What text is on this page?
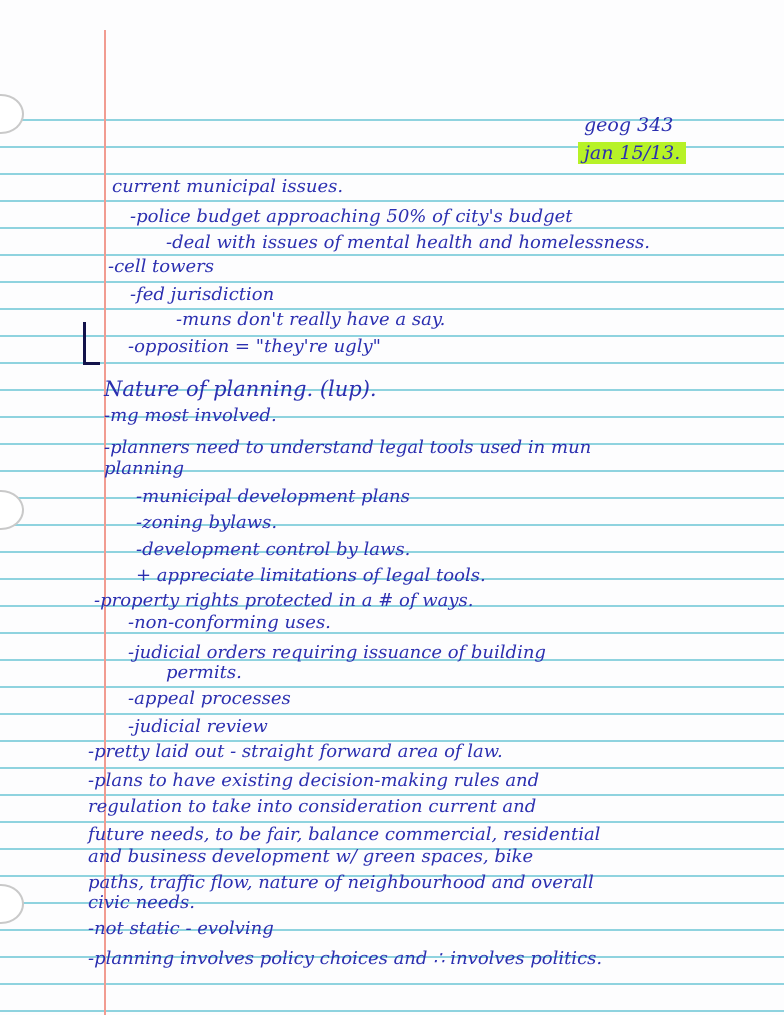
geog 343
jan 15/13.
current municipal issues.
-police budget approaching 50% of city's budget
-deal with issues of mental health and homelessness.
-cell towers
-fed jurisdiction
-muns don't really have a say.
-opposition = "they're ugly"
Nature of planning. (lup).
-mg most involved.
-planners need to understand legal tools used in mun
planning
-municipal development plans
-zoning bylaws.
-development control by laws.
+ appreciate limitations of legal tools.
-property rights protected in a # of ways.
-non-conforming uses.
-judicial orders requiring issuance of building
permits.
-appeal processes
-judicial review
-pretty laid out - straight forward area of law.
-plans to have existing decision-making rules and
regulation to take into consideration current and
future needs, to be fair, balance commercial, residential
and business development w/ green spaces, bike
paths, traffic flow, nature of neighbourhood and overall
civic needs.
-not static - evolving
-planning involves policy choices and ∴ involves politics.
